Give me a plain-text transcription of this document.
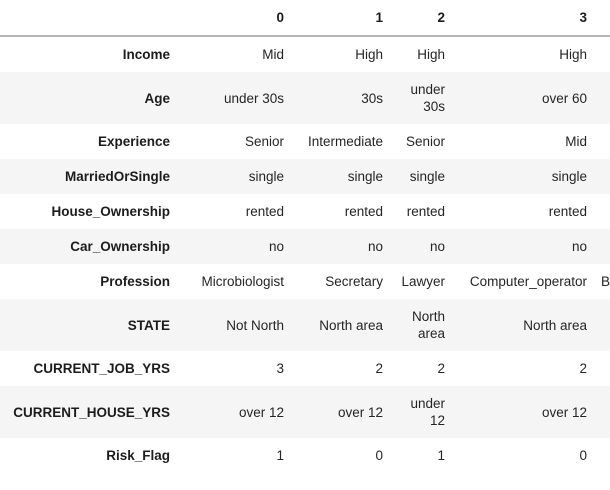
	0	1	2	3	
Income	Mid	High	High	High	
Age	under 30s	30s	under 30s	over 60	
Experience	Senior	Intermediate	Senior	Mid	
MarriedOrSingle	single	single	single	single	
House_Ownership	rented	rented	rented	rented	
Car_Ownership	no	no	no	no	
Profession	Microbiologist	Secretary	Lawyer	Computer_operator	B
STATE	Not North	North area	North area	North area	
CURRENT_JOB_YRS	3	2	2	2	
CURRENT_HOUSE_YRS	over 12	over 12	under 12	over 12	
Risk_Flag	1	0	1	0	
